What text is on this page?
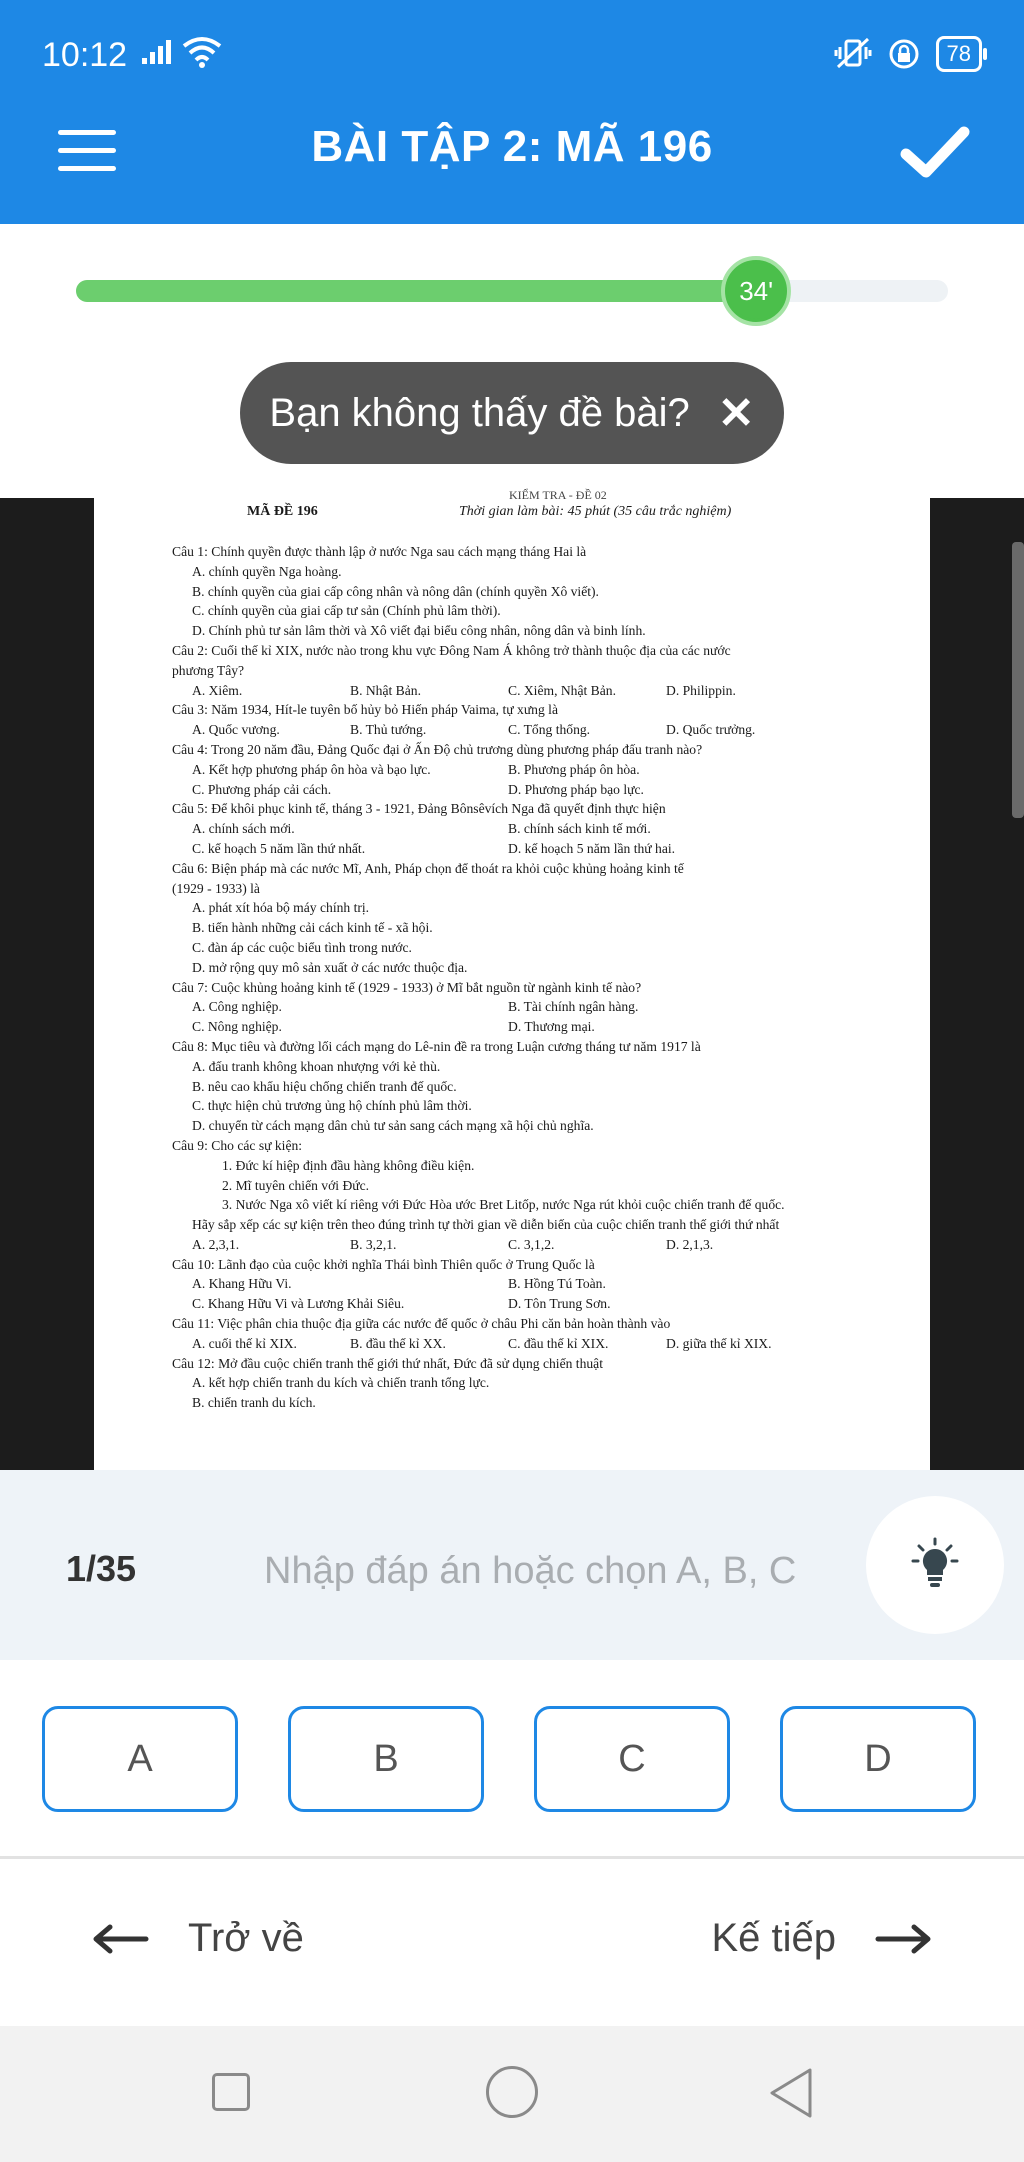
10:12	78
BÀI TẬP 2: MÃ 196
34'
Bạn không thấy đề bài? ✕
KIỂM TRA - ĐỀ 02
MÃ ĐỀ 196	Thời gian làm bài: 45 phút (35 câu trắc nghiệm)
Câu 1: Chính quyền được thành lập ở nước Nga sau cách mạng tháng Hai là
A. chính quyền Nga hoàng.
B. chính quyền của giai cấp công nhân và nông dân (chính quyền Xô viết).
C. chính quyền của giai cấp tư sản (Chính phủ lâm thời).
D. Chính phủ tư sản lâm thời và Xô viết đại biểu công nhân, nông dân và binh lính.
Câu 2: Cuối thế kỉ XIX, nước nào trong khu vực Đông Nam Á không trở thành thuộc địa của các nước
phương Tây?
A. Xiêm.	B. Nhật Bản.	C. Xiêm, Nhật Bản.	D. Philippin.
Câu 3: Năm 1934, Hít-le tuyên bố hủy bỏ Hiến pháp Vaima, tự xưng là
A. Quốc vương.	B. Thủ tướng.	C. Tổng thống.	D. Quốc trưởng.
Câu 4: Trong 20 năm đầu, Đảng Quốc đại ở Ấn Độ chủ trương dùng phương pháp đấu tranh nào?
A. Kết hợp phương pháp ôn hòa và bạo lực.	B. Phương pháp ôn hòa.
C. Phương pháp cải cách.	D. Phương pháp bạo lực.
Câu 5: Để khôi phục kinh tế, tháng 3 - 1921, Đảng Bônsêvích Nga đã quyết định thực hiện
A. chính sách mới.	B. chính sách kinh tế mới.
C. kế hoạch 5 năm lần thứ nhất.	D. kế hoạch 5 năm lần thứ hai.
Câu 6: Biện pháp mà các nước Mĩ, Anh, Pháp chọn để thoát ra khỏi cuộc khủng hoảng kinh tế
(1929 - 1933) là
A. phát xít hóa bộ máy chính trị.
B. tiến hành những cải cách kinh tế - xã hội.
C. đàn áp các cuộc biểu tình trong nước.
D. mở rộng quy mô sản xuất ở các nước thuộc địa.
Câu 7: Cuộc khủng hoảng kinh tế (1929 - 1933) ở Mĩ bắt nguồn từ ngành kinh tế nào?
A. Công nghiệp.	B. Tài chính ngân hàng.
C. Nông nghiệp.	D. Thương mại.
Câu 8: Mục tiêu và đường lối cách mạng do Lê-nin đề ra trong Luận cương tháng tư năm 1917 là
A. đấu tranh không khoan nhượng với kẻ thù.
B. nêu cao khẩu hiệu chống chiến tranh đế quốc.
C. thực hiện chủ trương ủng hộ chính phủ lâm thời.
D. chuyển từ cách mạng dân chủ tư sản sang cách mạng xã hội chủ nghĩa.
Câu 9: Cho các sự kiện:
1. Đức kí hiệp định đầu hàng không điều kiện.
2. Mĩ tuyên chiến với Đức.
3. Nước Nga xô viết kí riêng với Đức Hòa ước Bret Litốp, nước Nga rút khỏi cuộc chiến tranh đế quốc.
Hãy sắp xếp các sự kiện trên theo đúng trình tự thời gian về diễn biến của cuộc chiến tranh thế giới thứ nhất
A. 2,3,1.	B. 3,2,1.	C. 3,1,2.	D. 2,1,3.
Câu 10: Lãnh đạo của cuộc khởi nghĩa Thái bình Thiên quốc ở Trung Quốc là
A. Khang Hữu Vi.	B. Hồng Tú Toàn.
C. Khang Hữu Vi và Lương Khải Siêu.	D. Tôn Trung Sơn.
Câu 11: Việc phân chia thuộc địa giữa các nước đế quốc ở châu Phi căn bản hoàn thành vào
A. cuối thế kỉ XIX.	B. đầu thế kỉ XX.	C. đầu thế kỉ XIX.	D. giữa thế kỉ XIX.
Câu 12: Mở đầu cuộc chiến tranh thế giới thứ nhất, Đức đã sử dụng chiến thuật
A. kết hợp chiến tranh du kích và chiến tranh tổng lực.
B. chiến tranh du kích.
1/35
Nhập đáp án hoặc chọn A, B, C
A	B	C	D
Trở về	Kế tiếp
